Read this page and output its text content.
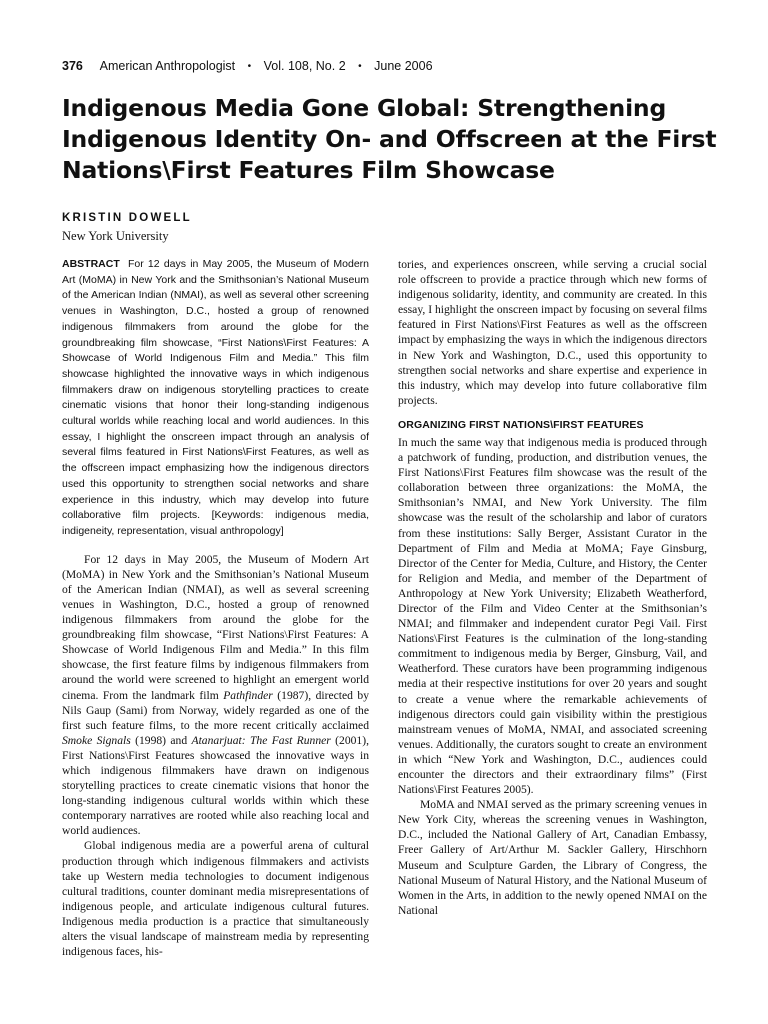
376 American Anthropologist • Vol. 108, No. 2 • June 2006
Indigenous Media Gone Global: Strengthening Indigenous Identity On- and Offscreen at the First Nations\First Features Film Showcase
KRISTIN DOWELL
New York University

ABSTRACT For 12 days in May 2005, the Museum of Modern Art (MoMA) in New York and the Smithsonian’s National Museum of the American Indian (NMAI), as well as several other screening venues in Washington, D.C., hosted a group of renowned indigenous filmmakers from around the globe for the groundbreaking film showcase, “First Nations\First Features: A Showcase of World Indigenous Film and Media.” This film showcase highlighted the innovative ways in which indigenous filmmakers draw on indigenous storytelling practices to create cinematic visions that honor their long-standing indigenous cultural worlds while reaching local and world audiences. In this essay, I highlight the onscreen impact through an analysis of several films featured in First Nations\First Features, as well as the offscreen impact emphasizing how the indigenous directors used this opportunity to strengthen social networks and share experience in this industry, which may develop into future collaborative film projects. [Keywords: indigenous media, indigeneity, representation, visual anthropology]

For 12 days in May 2005, the Museum of Modern Art (MoMA) in New York and the Smithsonian’s National Museum of the American Indian (NMAI), as well as several screening venues in Washington, D.C., hosted a group of renowned indigenous filmmakers from around the globe for the groundbreaking film showcase, “First Nations\First Features: A Showcase of World Indigenous Film and Media.” In this film showcase, the first feature films by indigenous filmmakers from around the world were screened to highlight an emergent world cinema. From the landmark film Pathfinder (1987), directed by Nils Gaup (Sami) from Norway, widely regarded as one of the first such feature films, to the more recent critically acclaimed Smoke Signals (1998) and Atanarjuat: The Fast Runner (2001), First Nations\First Features showcased the innovative ways in which indigenous filmmakers have drawn on indigenous storytelling practices to create cinematic visions that honor the long-standing indigenous cultural worlds within which these contemporary narratives are rooted while also reaching local and world audiences.

Global indigenous media are a powerful arena of cultural production through which indigenous filmmakers and activists take up Western media technologies to document indigenous cultural traditions, counter dominant media misrepresentations of indigenous people, and articulate indigenous cultural futures. Indigenous media production is a practice that simultaneously alters the visual landscape of mainstream media by representing indigenous faces, his-

tories, and experiences onscreen, while serving a crucial social role offscreen to provide a practice through which new forms of indigenous solidarity, identity, and community are created. In this essay, I highlight the onscreen impact by focusing on several films featured in First Nations\First Features as well as the offscreen impact by emphasizing the ways in which the indigenous directors in New York and Washington, D.C., used this opportunity to strengthen social networks and share expertise and experience in this industry, which may develop into future collaborative film projects.

ORGANIZING FIRST NATIONS\FIRST FEATURES

In much the same way that indigenous media is produced through a patchwork of funding, production, and distribution venues, the First Nations\First Features film showcase was the result of the collaboration between three organizations: the MoMA, the Smithsonian’s NMAI, and New York University. The film showcase was the result of the scholarship and labor of curators from these institutions: Sally Berger, Assistant Curator in the Department of Film and Media at MoMA; Faye Ginsburg, Director of the Center for Media, Culture, and History, the Center for Religion and Media, and member of the Department of Anthropology at New York University; Elizabeth Weatherford, Director of the Film and Video Center at the Smithsonian’s NMAI; and filmmaker and independent curator Pegi Vail. First Nations\First Features is the culmination of the long-standing commitment to indigenous media by Berger, Ginsburg, Vail, and Weatherford. These curators have been programming indigenous media at their respective institutions for over 20 years and sought to create a venue where the remarkable achievements of indigenous directors could gain visibility within the prestigious mainstream venues of MoMA, NMAI, and associated screening venues. Additionally, the curators sought to create an environment in which “New York and Washington, D.C., audiences could encounter the directors and their extraordinary films” (First Nations\First Features 2005).

MoMA and NMAI served as the primary screening venues in New York City, whereas the screening venues in Washington, D.C., included the National Gallery of Art, Canadian Embassy, Freer Gallery of Art/Arthur M. Sackler Gallery, Hirschhorn Museum and Sculpture Garden, the Library of Congress, the National Museum of Natural History, and the National Museum of Women in the Arts, in addition to the newly opened NMAI on the National
